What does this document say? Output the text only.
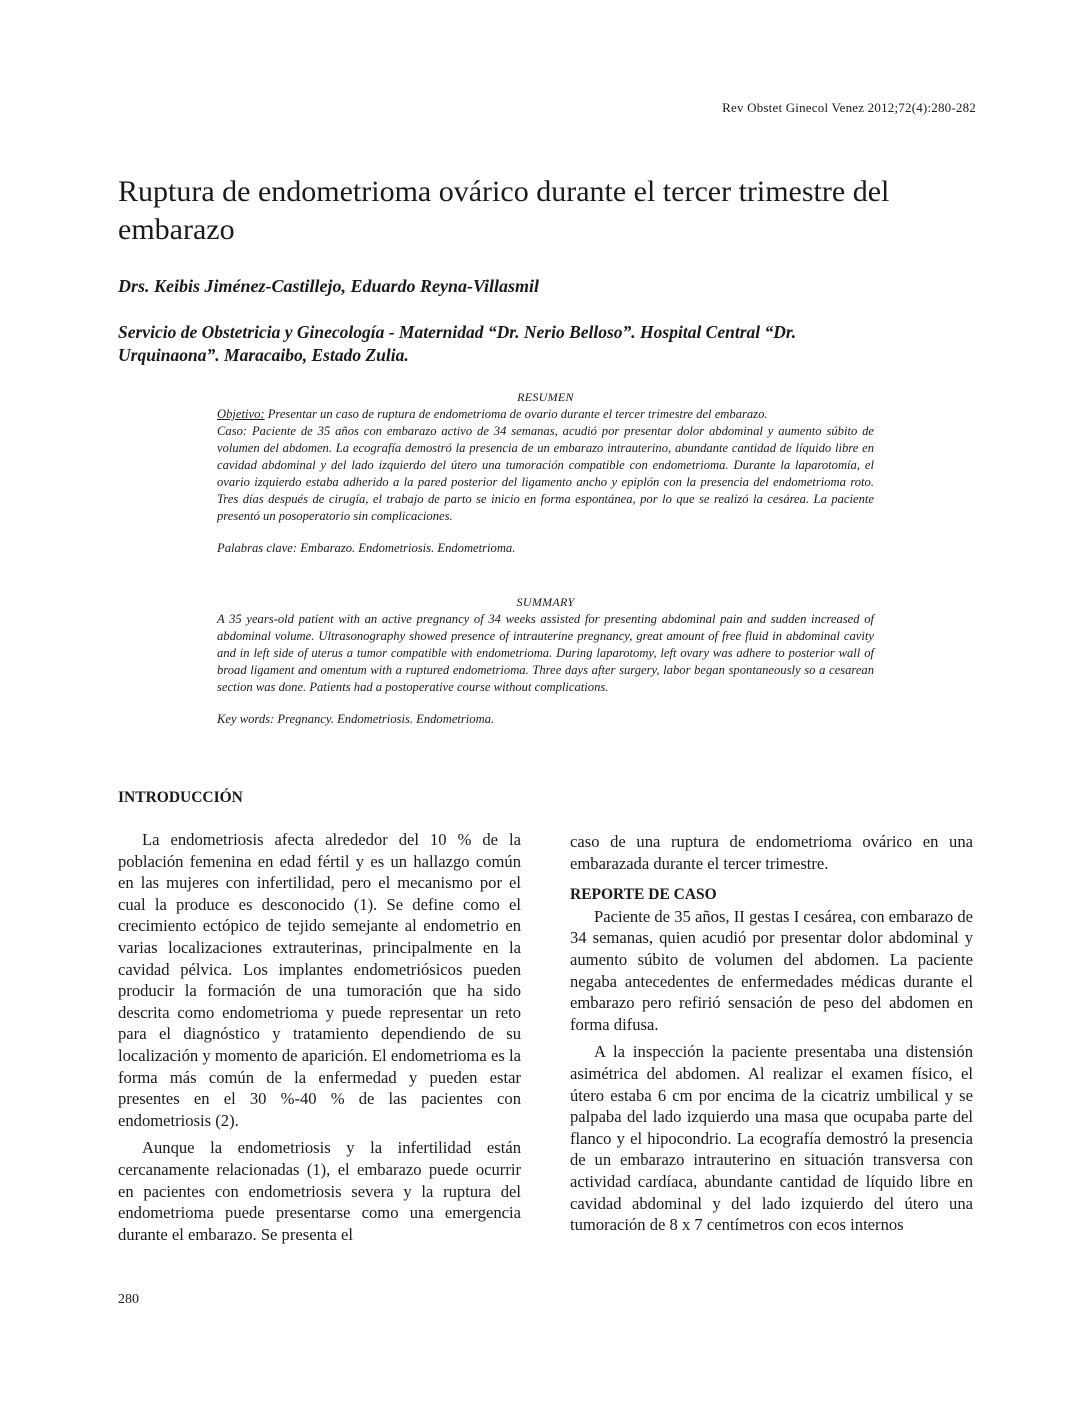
Rev Obstet Ginecol Venez 2012;72(4):280-282
Ruptura de endometrioma ovárico durante el tercer trimestre del embarazo
Drs. Keibis Jiménez-Castillejo, Eduardo Reyna-Villasmil
Servicio de Obstetricia y Ginecología - Maternidad “Dr. Nerio Belloso”. Hospital Central “Dr. Urquinaona”. Maracaibo, Estado Zulia.
RESUMEN

Objetivo: Presentar un caso de ruptura de endometrioma de ovario durante el tercer trimestre del embarazo.

Caso: Paciente de 35 años con embarazo activo de 34 semanas, acudió por presentar dolor abdominal y aumento súbito de volumen del abdomen. La ecografía demostró la presencia de un embarazo intrauterino, abundante cantidad de líquido libre en cavidad abdominal y del lado izquierdo del útero una tumoración compatible con endometrioma. Durante la laparotomía, el ovario izquierdo estaba adherido a la pared posterior del ligamento ancho y epiplón con la presencia del endometrioma roto. Tres días después de cirugía, el trabajo de parto se inicio en forma espontánea, por lo que se realizó la cesárea. La paciente presentó un posoperatorio sin complicaciones.

Palabras clave: Embarazo. Endometriosis. Endometrioma.

SUMMARY

A 35 years-old patient with an active pregnancy of 34 weeks assisted for presenting abdominal pain and sudden increased of abdominal volume. Ultrasonography showed presence of intrauterine pregnancy, great amount of free fluid in abdominal cavity and in left side of uterus a tumor compatible with endometrioma. During laparotomy, left ovary was adhere to posterior wall of broad ligament and omentum with a ruptured endometrioma. Three days after surgery, labor began spontaneously so a cesarean section was done. Patients had a postoperative course without complications.

Key words: Pregnancy. Endometriosis. Endometrioma.

INTRODUCCIÓN

La endometriosis afecta alrededor del 10 % de la población femenina en edad fértil y es un hallazgo común en las mujeres con infertilidad, pero el mecanismo por el cual la produce es desconocido (1). Se define como el crecimiento ectópico de tejido semejante al endometrio en varias localizaciones extrauterinas, principalmente en la cavidad pélvica. Los implantes endometriósicos pueden producir la formación de una tumoración que ha sido descrita como endometrioma y puede representar un reto para el diagnóstico y tratamiento dependiendo de su localización y momento de aparición. El endometrioma es la forma más común de la enfermedad y pueden estar presentes en el 30 %-40 % de las pacientes con endometriosis (2).

Aunque la endometriosis y la infertilidad están cercanamente relacionadas (1), el embarazo puede ocurrir en pacientes con endometriosis severa y la ruptura del endometrioma puede presentarse como una emergencia durante el embarazo. Se presenta el

caso de una ruptura de endometrioma ovárico en una embarazada durante el tercer trimestre.

REPORTE DE CASO

Paciente de 35 años, II gestas I cesárea, con embarazo de 34 semanas, quien acudió por presentar dolor abdominal y aumento súbito de volumen del abdomen. La paciente negaba antecedentes de enfermedades médicas durante el embarazo pero refirió sensación de peso del abdomen en forma difusa.

A la inspección la paciente presentaba una distensión asimétrica del abdomen. Al realizar el examen físico, el útero estaba 6 cm por encima de la cicatriz umbilical y se palpaba del lado izquierdo una masa que ocupaba parte del flanco y el hipocondrio. La ecografía demostró la presencia de un embarazo intrauterino en situación transversa con actividad cardíaca, abundante cantidad de líquido libre en cavidad abdominal y del lado izquierdo del útero una tumoración de 8 x 7 centímetros con ecos internos

280
